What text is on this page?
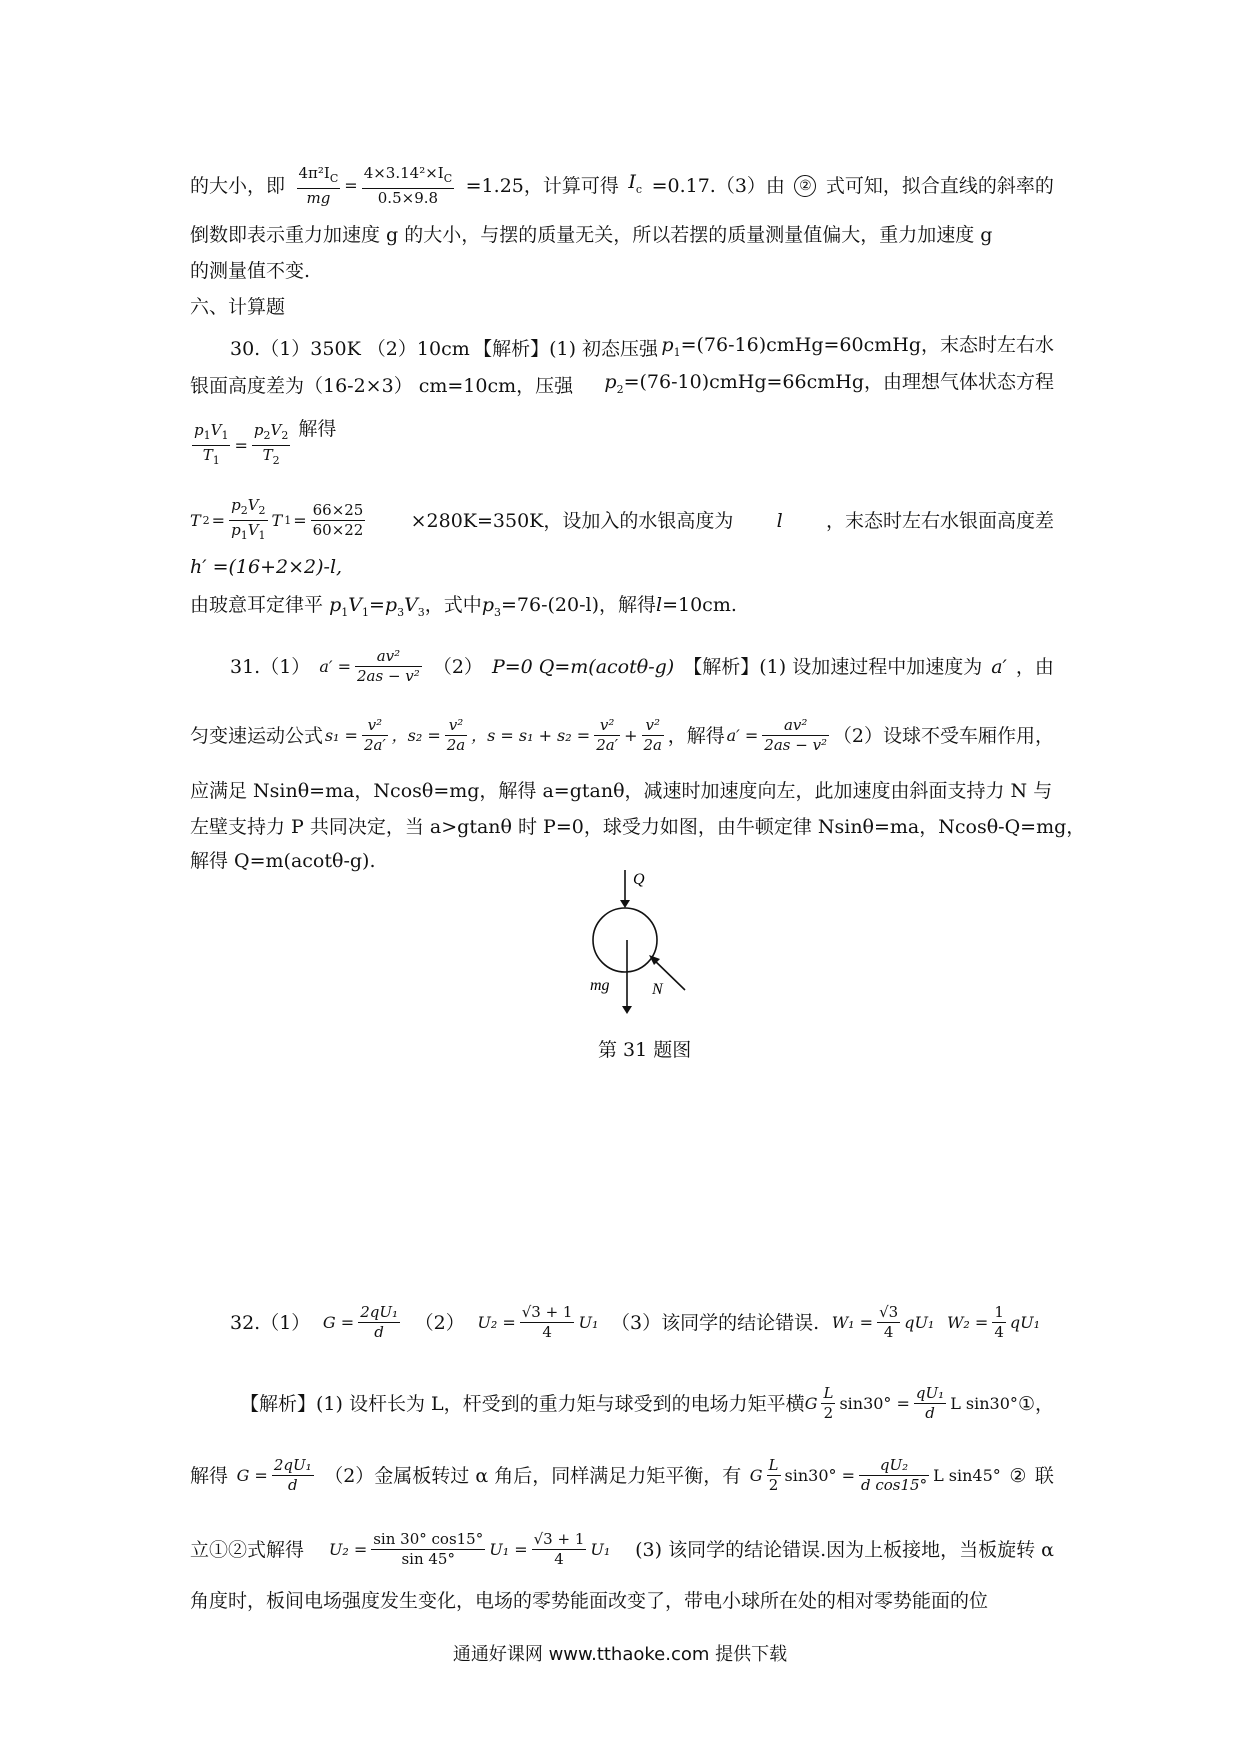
的大小，即 $\frac{4\pi^2I_C}{mg} = \frac{4\times 3.14^2\times I_C}{0.5\times 9.8} =1.25$，计算可得 $I_c =0.17.(3)$由	② 式可知，拟合直线的斜率的
倒数即表示重力加速度 g 的大小，与摆的质量无关，所以若摆的质量测量值偏大，重力加速度 g
的测量值不变.
六、计算题
30.（1）350K （2）10cm 【解析】(1) 初态压强 $p_1=(76-16)cmHg=60cmHg$，末态时左右水
银面高度差为（16-2×3） cm=10cm，压强 $p_2=(76-10)cmHg=66cmHg$，由理想气体状态方程
$\frac{p_1V_1}{T_1} = \frac{p_2V_2}{T_2}$ 解得
T $2 = \frac{p_2V_2}{p_1V_1}$ T $1 = \frac{66\times 25}{60\times 22} \times 280K=350K$，设加入的水银高度为 l ，末态时左右水银面高度差
h′ =(16+2×2)-l,
由玻意耳定律平 $p_1V_1=p_3V_3$，式中$p_3=76-(20-l)$，解得l=10cm.
31.（1） $a' = \frac{\text{av²}}{\text{2as − v²}} (2)$ P=0 Q=m(acotθ-g) 【解析】(1) 设加速过程中加速度为 a′ ，由
匀变速运动公式 $s_1 = \frac{\text{v²}}{2a'}$ ，$s_2 = \frac{\text{v²}}{2a}$ ，$s = s_1 + s_2 = \frac{\text{v²}}{2a'} + \frac{\text{v²}}{2a}$ ，解得 $a' = \frac{\text{av²}}{\text{2as − v²}} (2)$设球不受车厢作用，
应满足 Nsinθ=ma，Ncosθ=mg，解得 a=gtanθ，减速时加速度向左，此加速度由斜面支持力 N 与
左壁支持力 P 共同决定，当 a>gtanθ 时 P=0，球受力如图，由牛顿定律 Nsinθ=ma，Ncosθ-Q=mg，
解得 Q=m(acotθ-g).
Q
mg	N
第 31 题图
32.（1） $G = \frac{\text{2qU₁}}{d} (2) U_2 = \frac{√3 + 1}{4} U_1$ （3）该同学的结论错误. $W_1 = \frac{√3}{4} qU_1$ $W_2 = \frac{1}{4} qU_1$
【解析】(1) 设杆长为 L，杆受到的重力矩与球受到的电场力矩平横 G $\frac{L}{2} \sin 30^\circ = \frac{\text{qU₁}}{d}$ L sin30° ①，
解得 $G = \frac{\text{2qU₁}}{d} (2)$金属板转过 α 角后，同样满足力矩平衡，有 G $\frac{L}{2} \sin 30^\circ = \frac{\text{qU₂}}{\text{d cos15°}}$ L sin45° ② 联
立①②式解得 $U_2 = \frac{\sin 30^\circ \cos 15^\circ}{\sin 45^\circ} U_1 = \frac{√3 + 1}{4} U_1$ (3) 该同学的结论错误.因为上板接地，当板旋转 α
角度时，板间电场强度发生变化，电场的零势能面改变了，带电小球所在处的相对零势能面的位
通通好课网 www.tthaoke.com 提供下载
